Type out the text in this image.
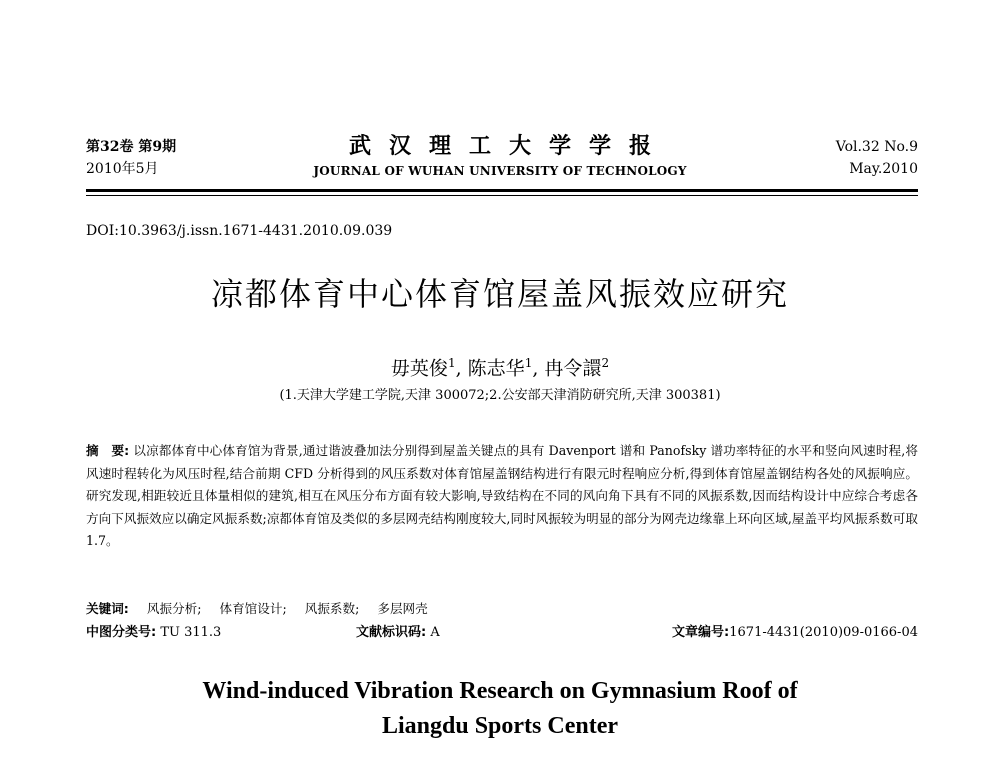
第32卷 第9期
2010年5月
武汉理工大学学报
JOURNAL OF WUHAN UNIVERSITY OF TECHNOLOGY
Vol.32 No.9
May.2010
DOI:10.3963/j.issn.1671-4431.2010.09.039
凉都体育中心体育馆屋盖风振效应研究
毋英俊$^1$, 陈志华$^1$, 冉令譞$^2$
(1.天津大学建工学院,天津 300072;2.公安部天津消防研究所,天津 300381)
摘　要: 以凉都体育中心体育馆为背景,通过谐波叠加法分别得到屋盖关键点的具有 Davenport 谱和 Panofsky 谱功率特征的水平和竖向风速时程,将风速时程转化为风压时程,结合前期 CFD 分析得到的风压系数对体育馆屋盖钢结构进行有限元时程响应分析,得到体育馆屋盖钢结构各处的风振响应。研究发现,相距较近且体量相似的建筑,相互在风压分布方面有较大影响,导致结构在不同的风向角下具有不同的风振系数,因而结构设计中应综合考虑各方向下风振效应以确定风振系数;凉都体育馆及类似的多层网壳结构刚度较大,同时风振较为明显的部分为网壳边缘靠上环向区域,屋盖平均风振系数可取1.7。
关键词: 风振分析; 体育馆设计; 风振系数; 多层网壳
中图分类号: TU 311.3	文献标识码: A	文章编号:1671-4431(2010)09-0166-04
Wind-induced Vibration Research on Gymnasium Roof of
Liangdu Sports Center
